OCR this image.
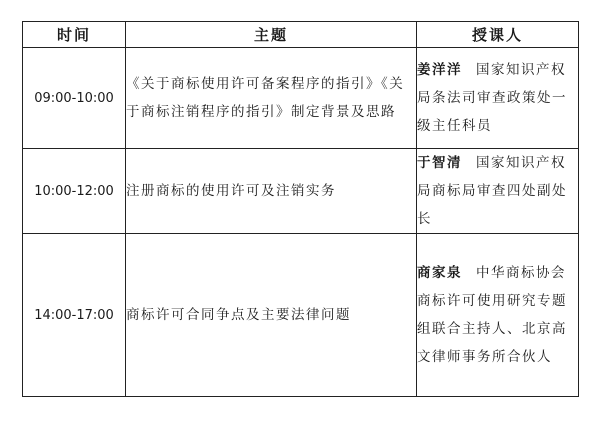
时间	主题	授课人
09:00-10:00	《关于商标使用许可备案程序的指引》《关于商标注销程序的指引》制定背景及思路	姜洋洋 国家知识产权局条法司审查政策处一级主任科员
10:00-12:00	注册商标的使用许可及注销实务	于智清 国家知识产权局商标局审查四处副处长
14:00-17:00	商标许可合同争点及主要法律问题	商家泉 中华商标协会商标许可使用研究专题组联合主持人、北京高文律师事务所合伙人
